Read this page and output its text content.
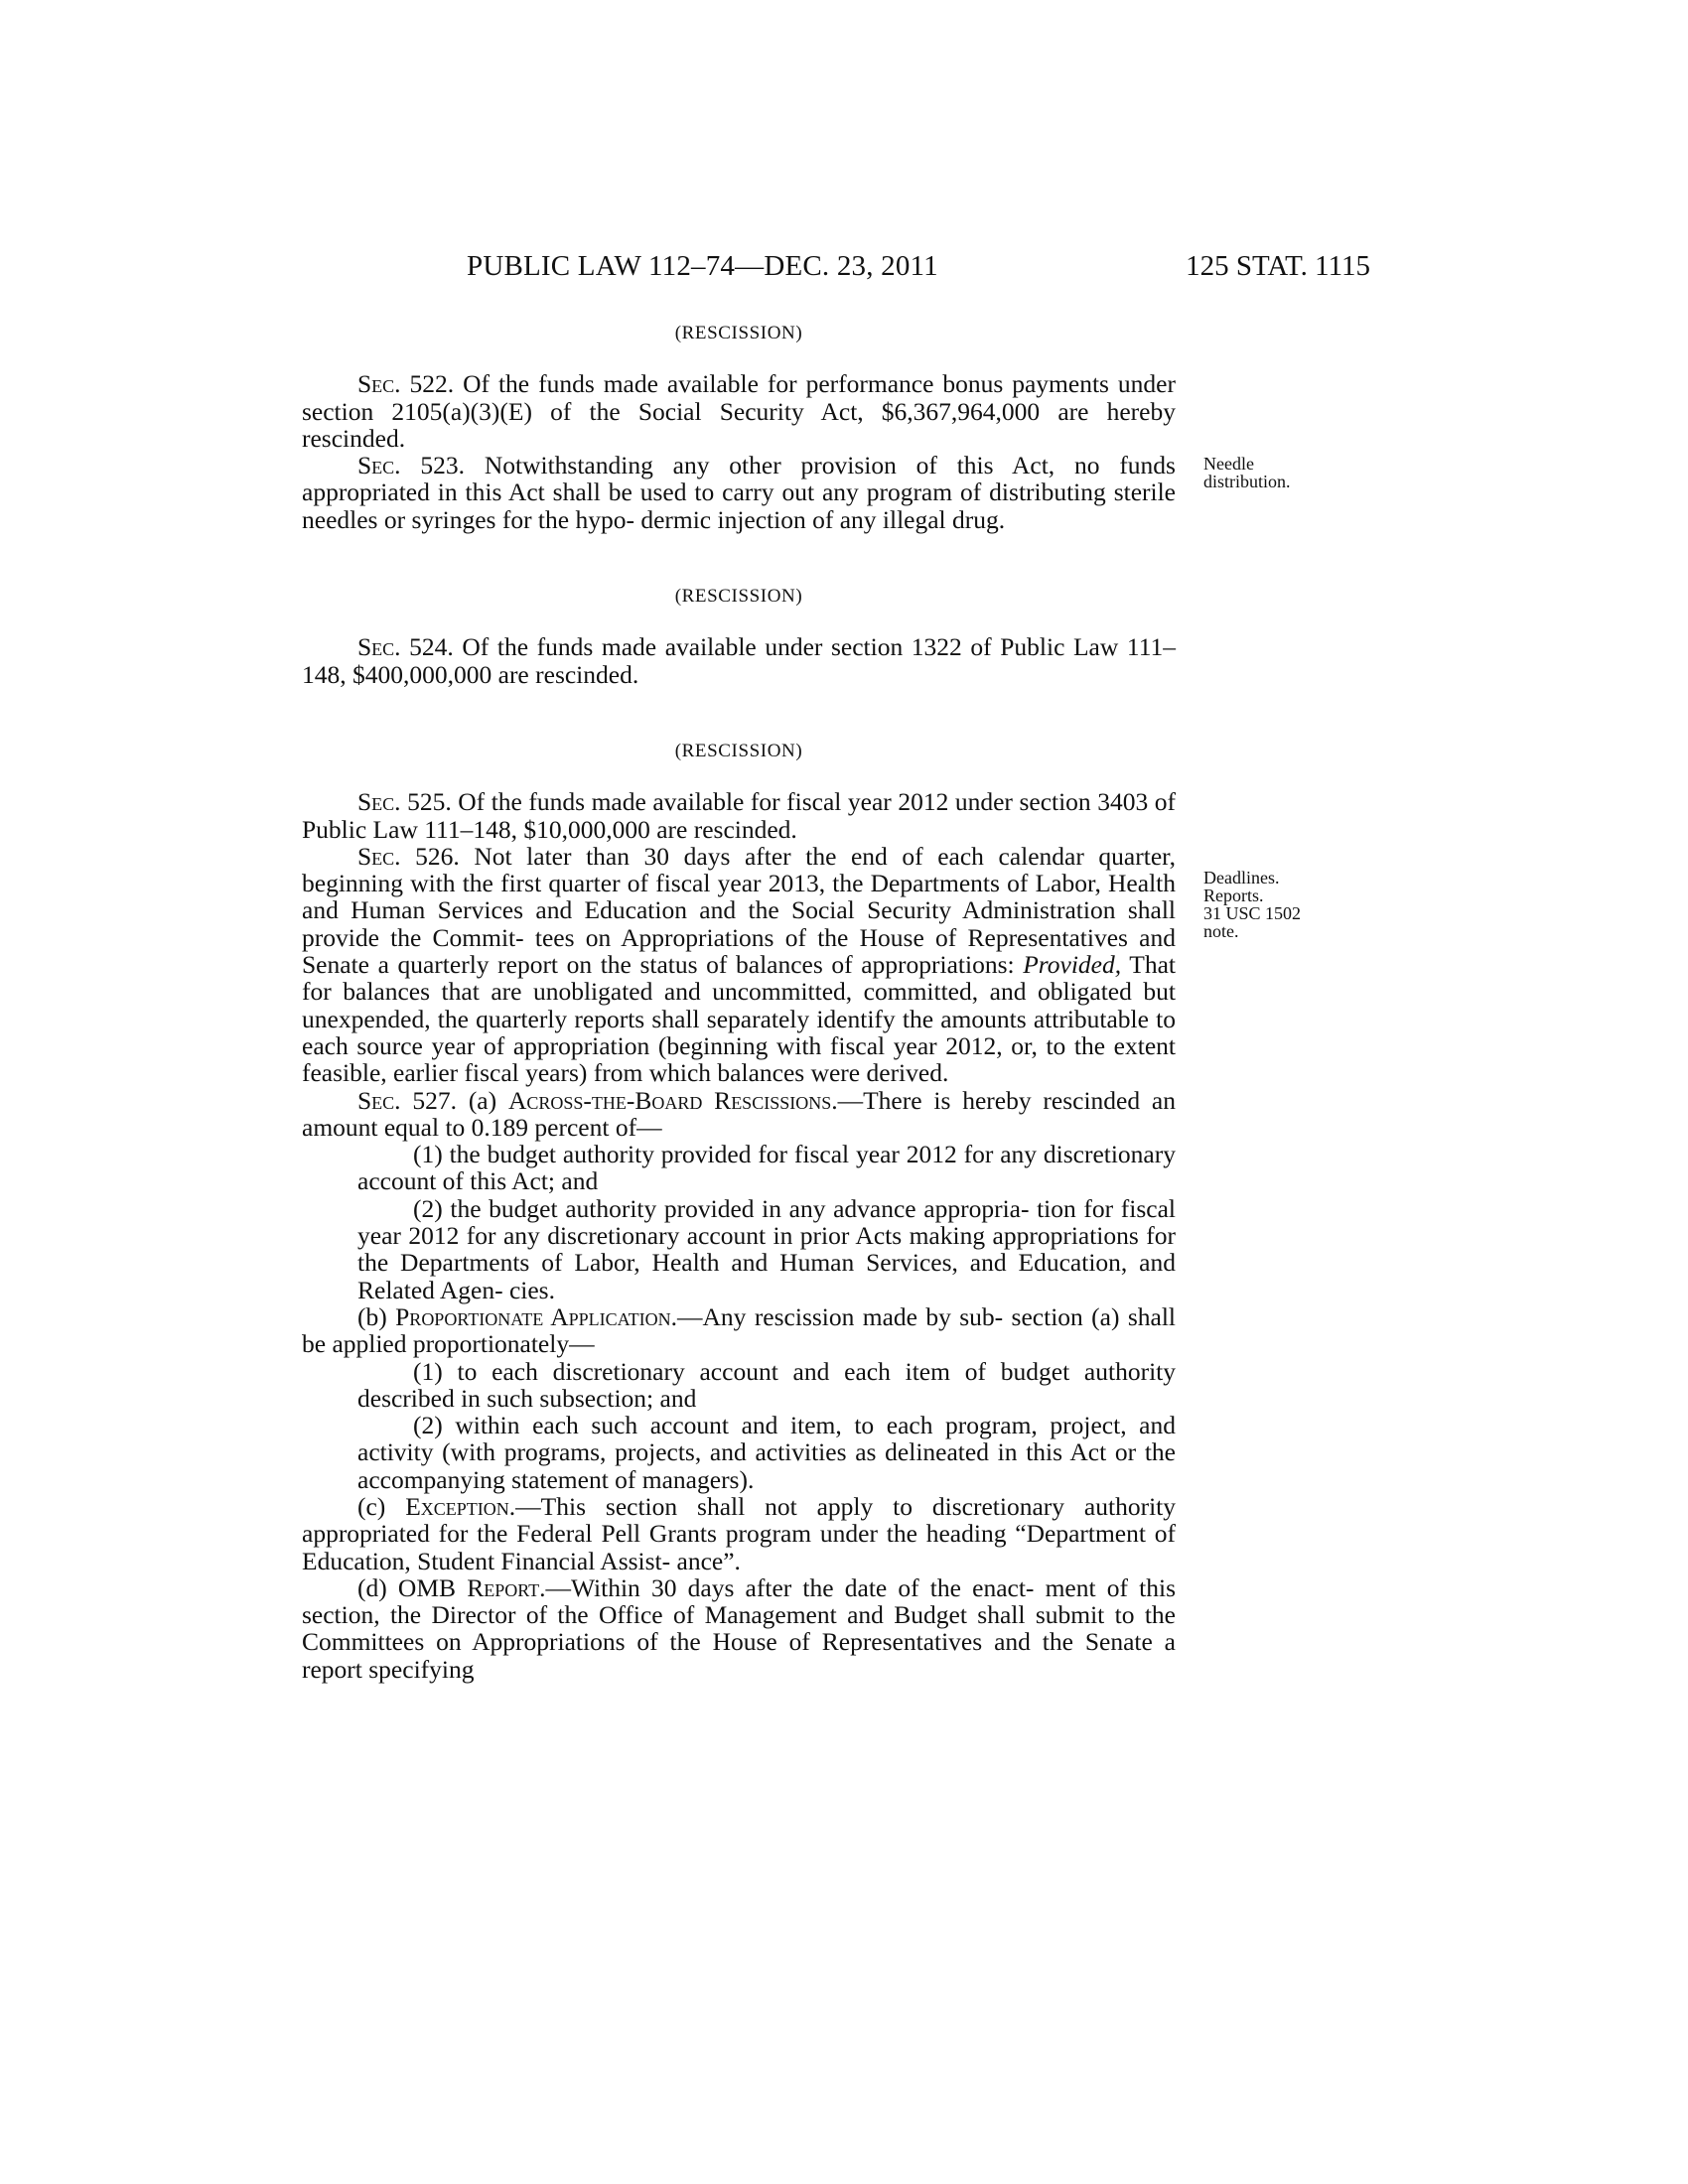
PUBLIC LAW 112–74—DEC. 23, 2011	125 STAT. 1115

(RESCISSION)

Sec. 522. Of the funds made available for performance bonus payments under section 2105(a)(3)(E) of the Social Security Act, $6,367,964,000 are hereby rescinded.

Sec. 523. Notwithstanding any other provision of this Act, no funds appropriated in this Act shall be used to carry out any program of distributing sterile needles or syringes for the hypo- dermic injection of any illegal drug.

(RESCISSION)

Sec. 524. Of the funds made available under section 1322 of Public Law 111–148, $400,000,000 are rescinded.

(RESCISSION)

Sec. 525. Of the funds made available for fiscal year 2012 under section 3403 of Public Law 111–148, $10,000,000 are rescinded.

Sec. 526. Not later than 30 days after the end of each calendar quarter, beginning with the first quarter of fiscal year 2013, the Departments of Labor, Health and Human Services and Education and the Social Security Administration shall provide the Commit- tees on Appropriations of the House of Representatives and Senate a quarterly report on the status of balances of appropriations: Provided, That for balances that are unobligated and uncommitted, committed, and obligated but unexpended, the quarterly reports shall separately identify the amounts attributable to each source year of appropriation (beginning with fiscal year 2012, or, to the extent feasible, earlier fiscal years) from which balances were derived.

Sec. 527. (a) Across-the-Board Rescissions.—There is hereby rescinded an amount equal to 0.189 percent of—

(1) the budget authority provided for fiscal year 2012 for any discretionary account of this Act; and

(2) the budget authority provided in any advance appropria- tion for fiscal year 2012 for any discretionary account in prior Acts making appropriations for the Departments of Labor, Health and Human Services, and Education, and Related Agen- cies.

(b) Proportionate Application.—Any rescission made by sub- section (a) shall be applied proportionately—

(1) to each discretionary account and each item of budget authority described in such subsection; and

(2) within each such account and item, to each program, project, and activity (with programs, projects, and activities as delineated in this Act or the accompanying statement of managers).

(c) Exception.—This section shall not apply to discretionary authority appropriated for the Federal Pell Grants program under the heading “Department of Education, Student Financial Assist- ance”.

(d) OMB Report.—Within 30 days after the date of the enact- ment of this section, the Director of the Office of Management and Budget shall submit to the Committees on Appropriations of the House of Representatives and the Senate a report specifying

Needle
distribution.
Deadlines.
Reports.
31 USC 1502
note.
